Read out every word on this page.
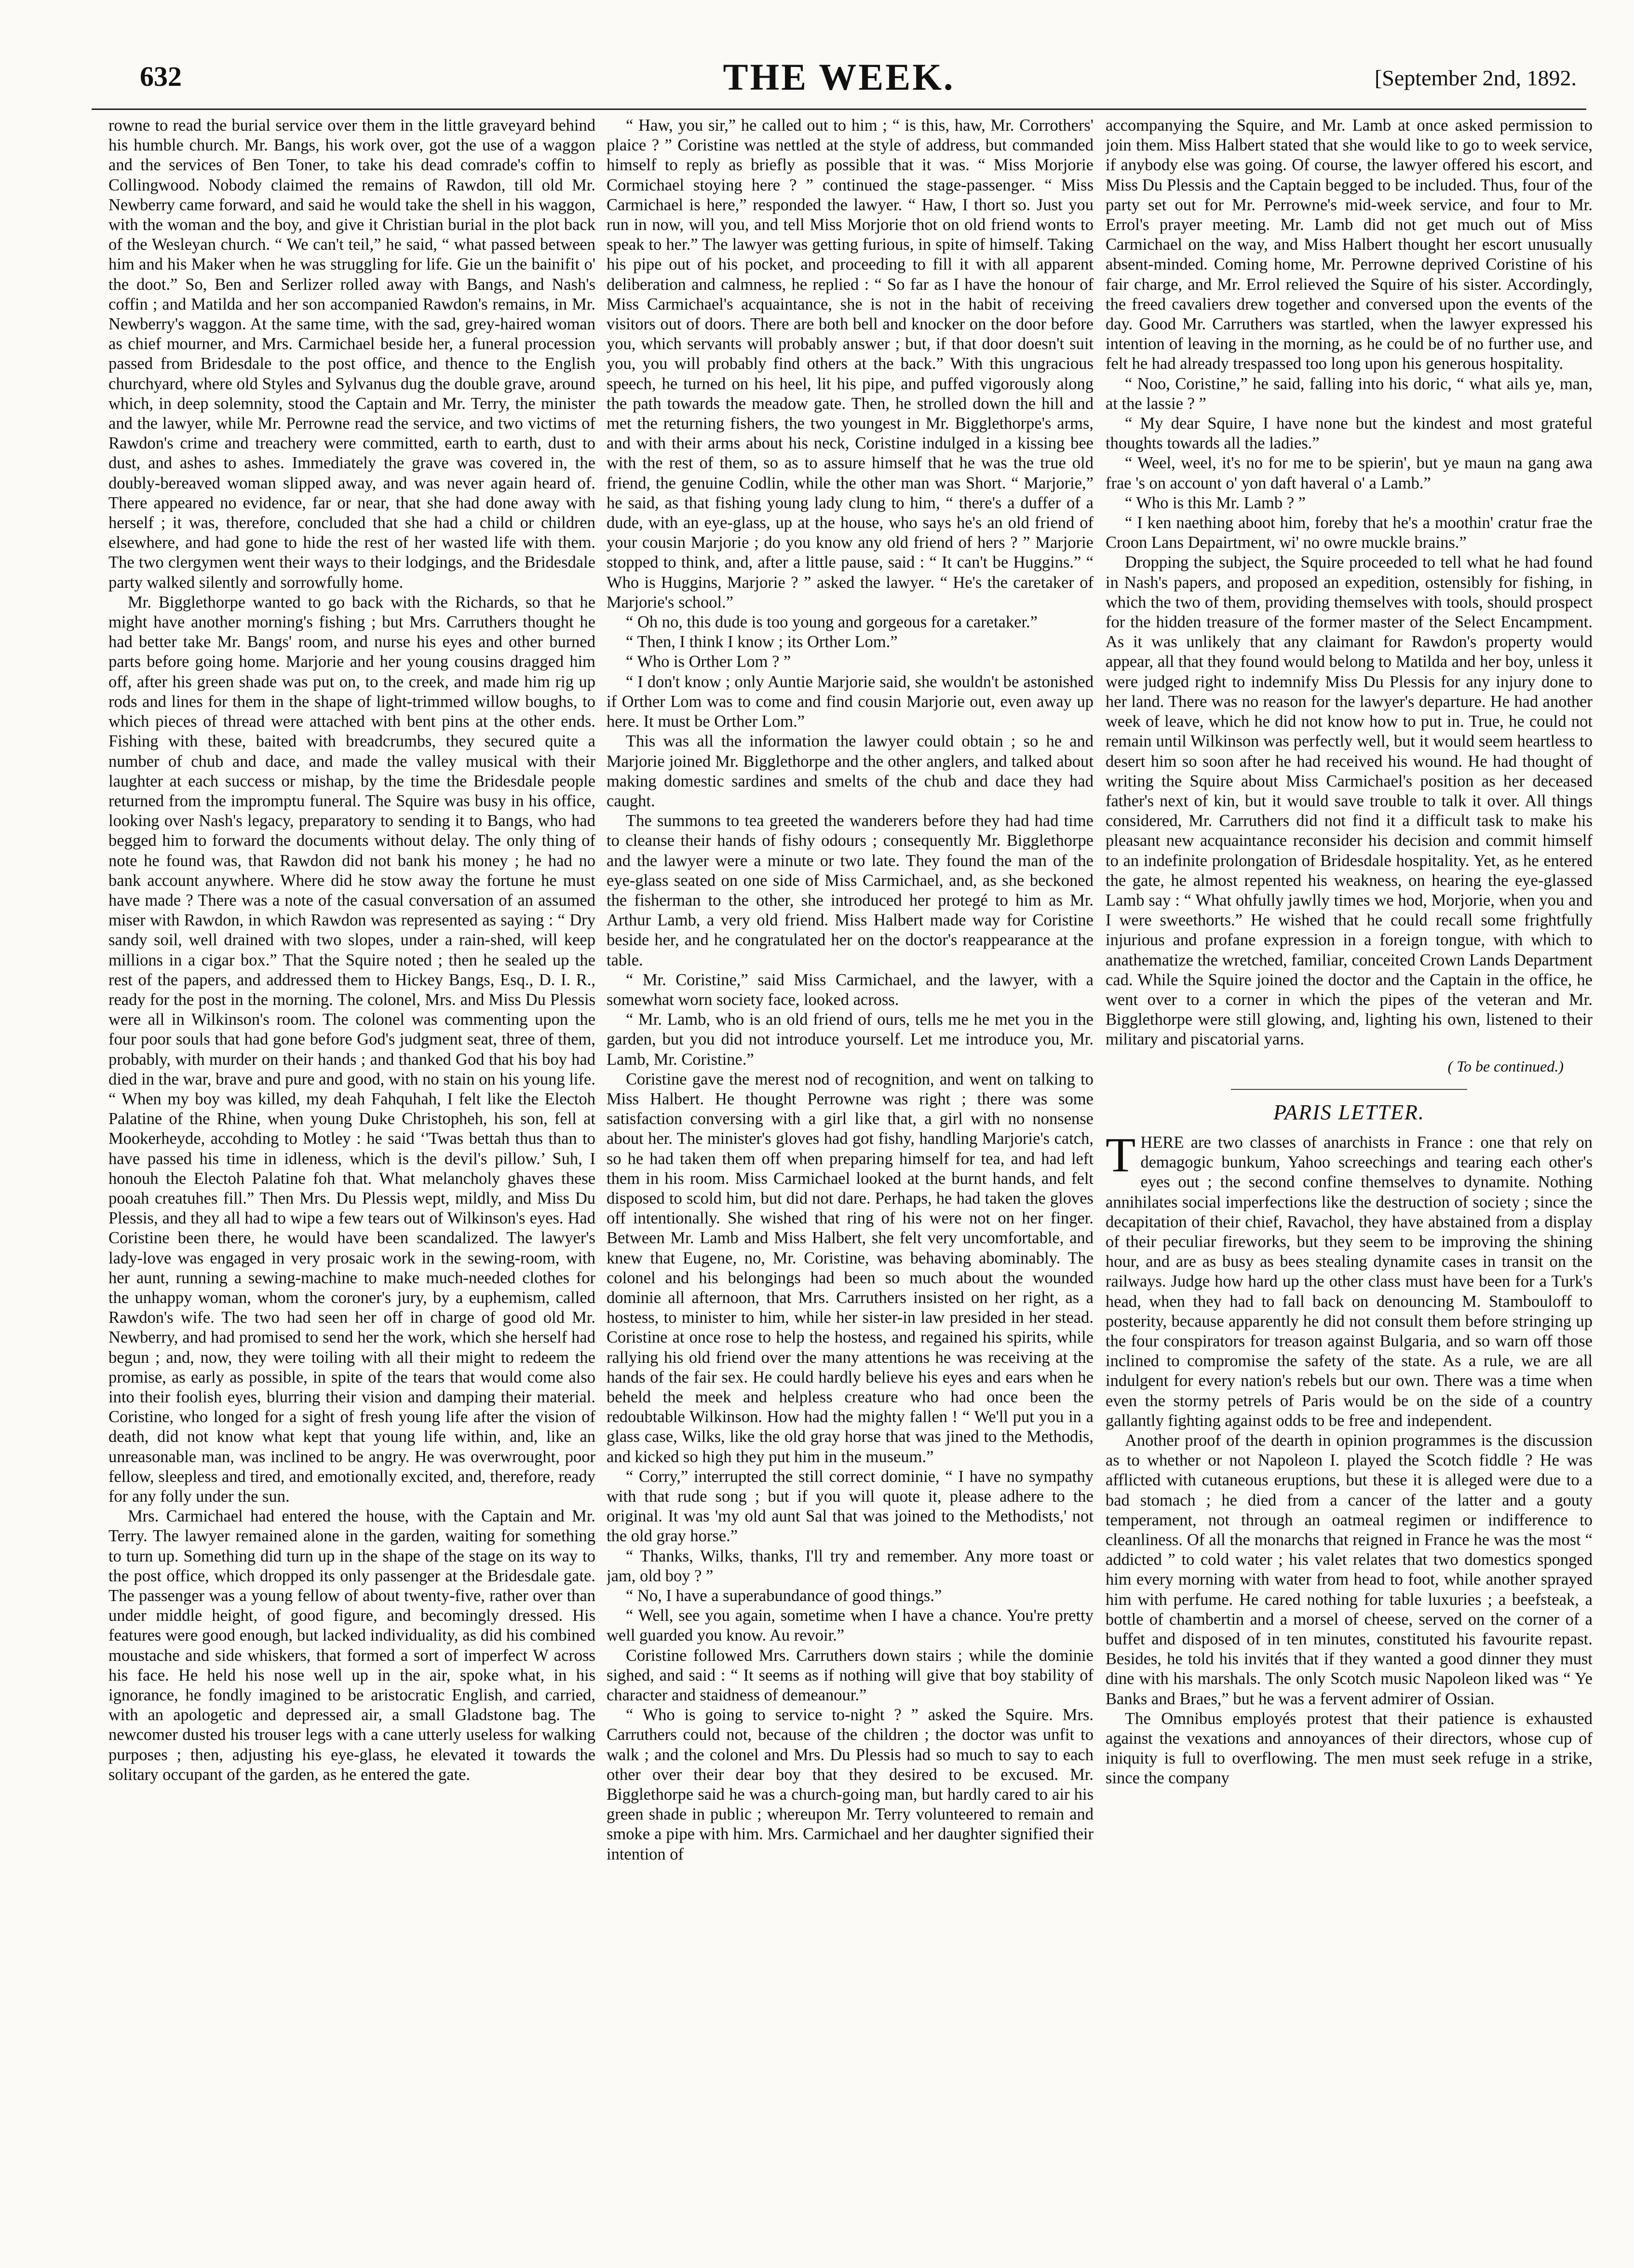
632	THE WEEK.	[September 2nd, 1892.

rowne to read the burial service over them in the little graveyard behind his humble church. Mr. Bangs, his work over, got the use of a waggon and the services of Ben Toner, to take his dead comrade's coffin to Collingwood. Nobody claimed the remains of Rawdon, till old Mr. Newberry came forward, and said he would take the shell in his waggon, with the woman and the boy, and give it Christian burial in the plot back of the Wesleyan church. “ We can't teil,” he said, “ what passed between him and his Maker when he was struggling for life. Gie un the bainifit o' the doot.” So, Ben and Serlizer rolled away with Bangs, and Nash's coffin ; and Matilda and her son accompanied Rawdon's remains, in Mr. Newberry's waggon. At the same time, with the sad, grey-haired woman as chief mourner, and Mrs. Carmichael beside her, a funeral procession passed from Bridesdale to the post office, and thence to the English churchyard, where old Styles and Sylvanus dug the double grave, around which, in deep solemnity, stood the Captain and Mr. Terry, the minister and the lawyer, while Mr. Perrowne read the service, and two victims of Rawdon's crime and treachery were committed, earth to earth, dust to dust, and ashes to ashes. Immediately the grave was covered in, the doubly-bereaved woman slipped away, and was never again heard of. There appeared no evidence, far or near, that she had done away with herself ; it was, therefore, concluded that she had a child or children elsewhere, and had gone to hide the rest of her wasted life with them. The two clergymen went their ways to their lodgings, and the Bridesdale party walked silently and sorrowfully home.

Mr. Bigglethorpe wanted to go back with the Richards, so that he might have another morning's fishing ; but Mrs. Carruthers thought he had better take Mr. Bangs' room, and nurse his eyes and other burned parts before going home. Marjorie and her young cousins dragged him off, after his green shade was put on, to the creek, and made him rig up rods and lines for them in the shape of light-trimmed willow boughs, to which pieces of thread were attached with bent pins at the other ends. Fishing with these, baited with breadcrumbs, they secured quite a number of chub and dace, and made the valley musical with their laughter at each success or mishap, by the time the Bridesdale people returned from the impromptu funeral. The Squire was busy in his office, looking over Nash's legacy, preparatory to sending it to Bangs, who had begged him to forward the documents without delay. The only thing of note he found was, that Rawdon did not bank his money ; he had no bank account anywhere. Where did he stow away the fortune he must have made ? There was a note of the casual conversation of an assumed miser with Rawdon, in which Rawdon was represented as saying : “ Dry sandy soil, well drained with two slopes, under a rain-shed, will keep millions in a cigar box.” That the Squire noted ; then he sealed up the rest of the papers, and addressed them to Hickey Bangs, Esq., D. I. R., ready for the post in the morning. The colonel, Mrs. and Miss Du Plessis were all in Wilkinson's room. The colonel was commenting upon the four poor souls that had gone before God's judgment seat, three of them, probably, with murder on their hands ; and thanked God that his boy had died in the war, brave and pure and good, with no stain on his young life. “ When my boy was killed, my deah Fahquhah, I felt like the Electoh Palatine of the Rhine, when young Duke Christopheh, his son, fell at Mookerheyde, accohding to Motley : he said ‘'Twas bettah thus than to have passed his time in idleness, which is the devil's pillow.’ Suh, I honouh the Electoh Palatine foh that. What melancholy ghaves these pooah creatuhes fill.” Then Mrs. Du Plessis wept, mildly, and Miss Du Plessis, and they all had to wipe a few tears out of Wilkinson's eyes. Had Coristine been there, he would have been scandalized. The lawyer's lady-love was engaged in very prosaic work in the sewing-room, with her aunt, running a sewing-machine to make much-needed clothes for the unhappy woman, whom the coroner's jury, by a euphemism, called Rawdon's wife. The two had seen her off in charge of good old Mr. Newberry, and had promised to send her the work, which she herself had begun ; and, now, they were toiling with all their might to redeem the promise, as early as possible, in spite of the tears that would come also into their foolish eyes, blurring their vision and damping their material. Coristine, who longed for a sight of fresh young life after the vision of death, did not know what kept that young life within, and, like an unreasonable man, was inclined to be angry. He was overwrought, poor fellow, sleepless and tired, and emotionally excited, and, therefore, ready for any folly under the sun.

Mrs. Carmichael had entered the house, with the Captain and Mr. Terry. The lawyer remained alone in the garden, waiting for something to turn up. Something did turn up in the shape of the stage on its way to the post office, which dropped its only passenger at the Bridesdale gate. The passenger was a young fellow of about twenty-five, rather over than under middle height, of good figure, and becomingly dressed. His features were good enough, but lacked individuality, as did his combined moustache and side whiskers, that formed a sort of imperfect W across his face. He held his nose well up in the air, spoke what, in his ignorance, he fondly imagined to be aristocratic English, and carried, with an apologetic and depressed air, a small Gladstone bag. The newcomer dusted his trouser legs with a cane utterly useless for walking purposes ; then, adjusting his eye-glass, he elevated it towards the solitary occupant of the garden, as he entered the gate.

“ Haw, you sir,” he called out to him ; “ is this, haw, Mr. Corrothers' plaice ? ” Coristine was nettled at the style of address, but commanded himself to reply as briefly as possible that it was. “ Miss Morjorie Cormichael stoying here ? ” continued the stage-passenger. “ Miss Carmichael is here,” responded the lawyer. “ Haw, I thort so. Just you run in now, will you, and tell Miss Morjorie thot on old friend wonts to speak to her.” The lawyer was getting furious, in spite of himself. Taking his pipe out of his pocket, and proceeding to fill it with all apparent deliberation and calmness, he replied : “ So far as I have the honour of Miss Carmichael's acquaintance, she is not in the habit of receiving visitors out of doors. There are both bell and knocker on the door before you, which servants will probably answer ; but, if that door doesn't suit you, you will probably find others at the back.” With this ungracious speech, he turned on his heel, lit his pipe, and puffed vigorously along the path towards the meadow gate. Then, he strolled down the hill and met the returning fishers, the two youngest in Mr. Bigglethorpe's arms, and with their arms about his neck, Coristine indulged in a kissing bee with the rest of them, so as to assure himself that he was the true old friend, the genuine Codlin, while the other man was Short. “ Marjorie,” he said, as that fishing young lady clung to him, “ there's a duffer of a dude, with an eye-glass, up at the house, who says he's an old friend of your cousin Marjorie ; do you know any old friend of hers ? ” Marjorie stopped to think, and, after a little pause, said : “ It can't be Huggins.” “ Who is Huggins, Marjorie ? ” asked the lawyer. “ He's the caretaker of Marjorie's school.”

“ Oh no, this dude is too young and gorgeous for a caretaker.”

“ Then, I think I know ; its Orther Lom.”

“ Who is Orther Lom ? ”

“ I don't know ; only Auntie Marjorie said, she wouldn't be astonished if Orther Lom was to come and find cousin Marjorie out, even away up here. It must be Orther Lom.”

This was all the information the lawyer could obtain ; so he and Marjorie joined Mr. Bigglethorpe and the other anglers, and talked about making domestic sardines and smelts of the chub and dace they had caught.

The summons to tea greeted the wanderers before they had had time to cleanse their hands of fishy odours ; consequently Mr. Bigglethorpe and the lawyer were a minute or two late. They found the man of the eye-glass seated on one side of Miss Carmichael, and, as she beckoned the fisherman to the other, she introduced her protegé to him as Mr. Arthur Lamb, a very old friend. Miss Halbert made way for Coristine beside her, and he congratulated her on the doctor's reappearance at the table.

“ Mr. Coristine,” said Miss Carmichael, and the lawyer, with a somewhat worn society face, looked across.

“ Mr. Lamb, who is an old friend of ours, tells me he met you in the garden, but you did not introduce yourself. Let me introduce you, Mr. Lamb, Mr. Coristine.”

Coristine gave the merest nod of recognition, and went on talking to Miss Halbert. He thought Perrowne was right ; there was some satisfaction conversing with a girl like that, a girl with no nonsense about her. The minister's gloves had got fishy, handling Marjorie's catch, so he had taken them off when preparing himself for tea, and had left them in his room. Miss Carmichael looked at the burnt hands, and felt disposed to scold him, but did not dare. Perhaps, he had taken the gloves off intentionally. She wished that ring of his were not on her finger. Between Mr. Lamb and Miss Halbert, she felt very uncomfortable, and knew that Eugene, no, Mr. Coristine, was behaving abominably. The colonel and his belongings had been so much about the wounded dominie all afternoon, that Mrs. Carruthers insisted on her right, as a hostess, to minister to him, while her sister-in law presided in her stead. Coristine at once rose to help the hostess, and regained his spirits, while rallying his old friend over the many attentions he was receiving at the hands of the fair sex. He could hardly believe his eyes and ears when he beheld the meek and helpless creature who had once been the redoubtable Wilkinson. How had the mighty fallen ! “ We'll put you in a glass case, Wilks, like the old gray horse that was jined to the Methodis, and kicked so high they put him in the museum.”

“ Corry,” interrupted the still correct dominie, “ I have no sympathy with that rude song ; but if you will quote it, please adhere to the original. It was 'my old aunt Sal that was joined to the Methodists,' not the old gray horse.”

“ Thanks, Wilks, thanks, I'll try and remember. Any more toast or jam, old boy ? ”

“ No, I have a superabundance of good things.”

“ Well, see you again, sometime when I have a chance. You're pretty well guarded you know. Au revoir.”

Coristine followed Mrs. Carruthers down stairs ; while the dominie sighed, and said : “ It seems as if nothing will give that boy stability of character and staidness of demeanour.”

“ Who is going to service to-night ? ” asked the Squire. Mrs. Carruthers could not, because of the children ; the doctor was unfit to walk ; and the colonel and Mrs. Du Plessis had so much to say to each other over their dear boy that they desired to be excused. Mr. Bigglethorpe said he was a church-going man, but hardly cared to air his green shade in public ; whereupon Mr. Terry volunteered to remain and smoke a pipe with him. Mrs. Carmichael and her daughter signified their intention of

accompanying the Squire, and Mr. Lamb at once asked permission to join them. Miss Halbert stated that she would like to go to week service, if anybody else was going. Of course, the lawyer offered his escort, and Miss Du Plessis and the Captain begged to be included. Thus, four of the party set out for Mr. Perrowne's mid-week service, and four to Mr. Errol's prayer meeting. Mr. Lamb did not get much out of Miss Carmichael on the way, and Miss Halbert thought her escort unusually absent-minded. Coming home, Mr. Perrowne deprived Coristine of his fair charge, and Mr. Errol relieved the Squire of his sister. Accordingly, the freed cavaliers drew together and conversed upon the events of the day. Good Mr. Carruthers was startled, when the lawyer expressed his intention of leaving in the morning, as he could be of no further use, and felt he had already trespassed too long upon his generous hospitality.

“ Noo, Coristine,” he said, falling into his doric, “ what ails ye, man, at the lassie ? ”

“ My dear Squire, I have none but the kindest and most grateful thoughts towards all the ladies.”

“ Weel, weel, it's no for me to be spierin', but ye maun na gang awa frae 's on account o' yon daft haveral o' a Lamb.”

“ Who is this Mr. Lamb ? ”

“ I ken naething aboot him, foreby that he's a moothin' cratur frae the Croon Lans Depairtment, wi' no owre muckle brains.”

Dropping the subject, the Squire proceeded to tell what he had found in Nash's papers, and proposed an expedition, ostensibly for fishing, in which the two of them, providing themselves with tools, should prospect for the hidden treasure of the former master of the Select Encampment. As it was unlikely that any claimant for Rawdon's property would appear, all that they found would belong to Matilda and her boy, unless it were judged right to indemnify Miss Du Plessis for any injury done to her land. There was no reason for the lawyer's departure. He had another week of leave, which he did not know how to put in. True, he could not remain until Wilkinson was perfectly well, but it would seem heartless to desert him so soon after he had received his wound. He had thought of writing the Squire about Miss Carmichael's position as her deceased father's next of kin, but it would save trouble to talk it over. All things considered, Mr. Carruthers did not find it a difficult task to make his pleasant new acquaintance reconsider his decision and commit himself to an indefinite prolongation of Bridesdale hospitality. Yet, as he entered the gate, he almost repented his weakness, on hearing the eye-glassed Lamb say : “ What ohfully jawlly times we hod, Morjorie, when you and I were sweethorts.” He wished that he could recall some frightfully injurious and profane expression in a foreign tongue, with which to anathematize the wretched, familiar, conceited Crown Lands Department cad. While the Squire joined the doctor and the Captain in the office, he went over to a corner in which the pipes of the veteran and Mr. Bigglethorpe were still glowing, and, lighting his own, listened to their military and piscatorial yarns.

( To be continued.)
PARIS LETTER.

THERE are two classes of anarchists in France : one that rely on demagogic bunkum, Yahoo screechings and tearing each other's eyes out ; the second confine themselves to dynamite. Nothing annihilates social imperfections like the destruction of society ; since the decapitation of their chief, Ravachol, they have abstained from a display of their peculiar fireworks, but they seem to be improving the shining hour, and are as busy as bees stealing dynamite cases in transit on the railways. Judge how hard up the other class must have been for a Turk's head, when they had to fall back on denouncing M. Stambouloff to posterity, because apparently he did not consult them before stringing up the four conspirators for treason against Bulgaria, and so warn off those inclined to compromise the safety of the state. As a rule, we are all indulgent for every nation's rebels but our own. There was a time when even the stormy petrels of Paris would be on the side of a country gallantly fighting against odds to be free and independent.

Another proof of the dearth in opinion programmes is the discussion as to whether or not Napoleon I. played the Scotch fiddle ? He was afflicted with cutaneous eruptions, but these it is alleged were due to a bad stomach ; he died from a cancer of the latter and a gouty temperament, not through an oatmeal regimen or indifference to cleanliness. Of all the monarchs that reigned in France he was the most “ addicted ” to cold water ; his valet relates that two domestics sponged him every morning with water from head to foot, while another sprayed him with perfume. He cared nothing for table luxuries ; a beefsteak, a bottle of chambertin and a morsel of cheese, served on the corner of a buffet and disposed of in ten minutes, constituted his favourite repast. Besides, he told his invités that if they wanted a good dinner they must dine with his marshals. The only Scotch music Napoleon liked was “ Ye Banks and Braes,” but he was a fervent admirer of Ossian.

The Omnibus employés protest that their patience is exhausted against the vexations and annoyances of their directors, whose cup of iniquity is full to overflowing. The men must seek refuge in a strike, since the company
